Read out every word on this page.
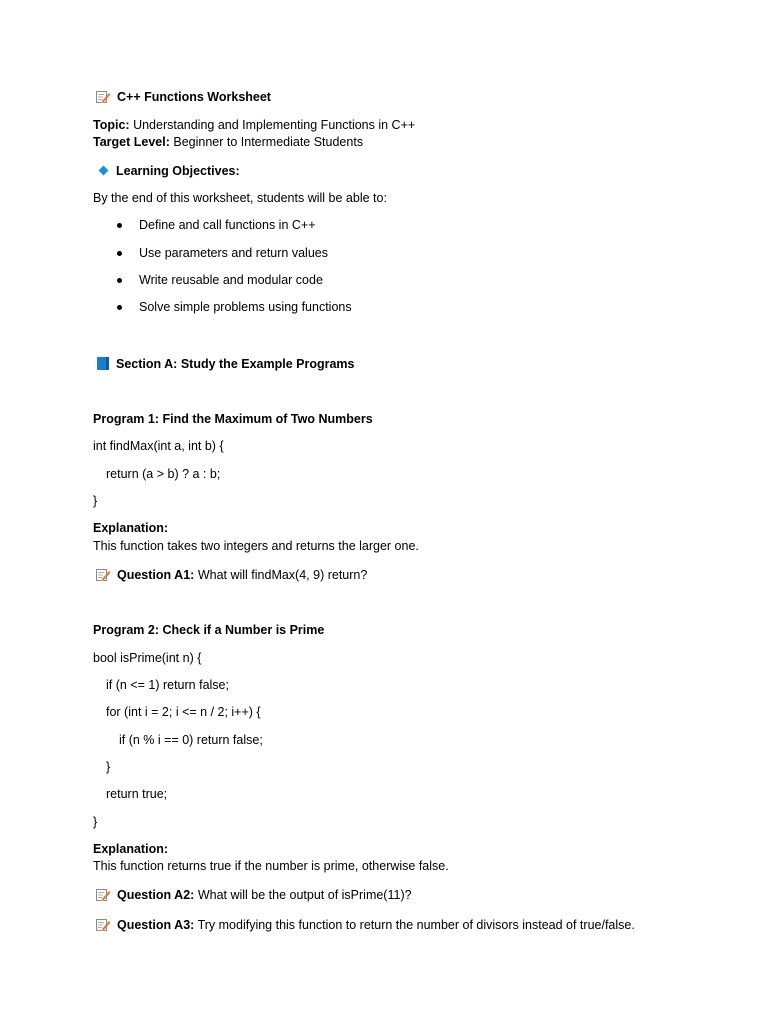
C++ Functions Worksheet
Topic: Understanding and Implementing Functions in C++
Target Level: Beginner to Intermediate Students
Learning Objectives:
By the end of this worksheet, students will be able to:
Define and call functions in C++
Use parameters and return values
Write reusable and modular code
Solve simple problems using functions
Section A: Study the Example Programs
Program 1: Find the Maximum of Two Numbers
int findMax(int a, int b) {
return (a > b) ? a : b;
}
Explanation:
This function takes two integers and returns the larger one.
Question A1: What will findMax(4, 9) return?
Program 2: Check if a Number is Prime
bool isPrime(int n) {
if (n <= 1) return false;
for (int i = 2; i <= n / 2; i++) {
if (n % i == 0) return false;
}
return true;
}
Explanation:
This function returns true if the number is prime, otherwise false.
Question A2: What will be the output of isPrime(11)?
Question A3: Try modifying this function to return the number of divisors instead of true/false.
